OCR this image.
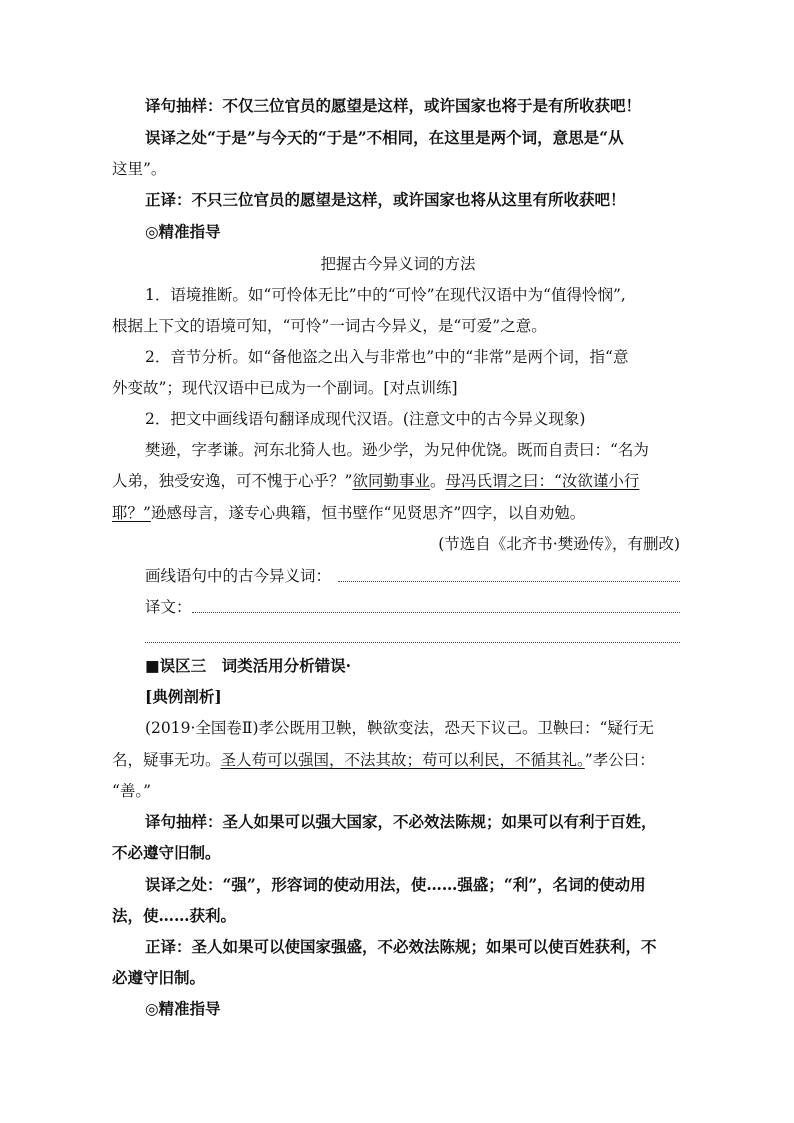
译句抽样：不仅三位官员的愿望是这样，或许国家也将于是有所收获吧！
误译之处“于是”与今天的“于是”不相同，在这里是两个词，意思是“从
这里”。
正译：不只三位官员的愿望是这样，或许国家也将从这里有所收获吧！
◎精准指导
把握古今异义词的方法
1．语境推断。如“可怜体无比”中的“可怜”在现代汉语中为“值得怜悯”,
根据上下文的语境可知，“可怜”一词古今异义，是“可爱”之意。
2．音节分析。如“备他盗之出入与非常也”中的“非常”是两个词，指“意
外变故”；现代汉语中已成为一个副词。[对点训练]
2．把文中画线语句翻译成现代汉语。(注意文中的古今异义现象)
樊逊，字孝谦。河东北猗人也。逊少学，为兄仲优饶。既而自责曰：“名为
人弟，独受安逸，可不愧于心乎？”欲同勤事业。母冯氏谓之曰：“汝欲谨小行
耶？”逊感母言，遂专心典籍，恒书壁作“见贤思齐”四字，以自劝勉。
(节选自《北齐书·樊逊传》，有删改)
画线语句中的古今异义词：
译文：
■误区三　词类活用分析错误·
[典例剖析]
(2019·全国卷Ⅱ)孝公既用卫鞅，鞅欲变法，恐天下议己。卫鞅曰：“疑行无
名，疑事无功。圣人苟可以强国，不法其故；苟可以利民，不循其礼。”孝公曰：
“善。”
译句抽样：圣人如果可以强大国家，不必效法陈规；如果可以有利于百姓，
不必遵守旧制。
误译之处：“强”，形容词的使动用法，使……强盛；“利”，名词的使动用
法，使……获利。
正译：圣人如果可以使国家强盛，不必效法陈规；如果可以使百姓获利，不
必遵守旧制。
◎精准指导
